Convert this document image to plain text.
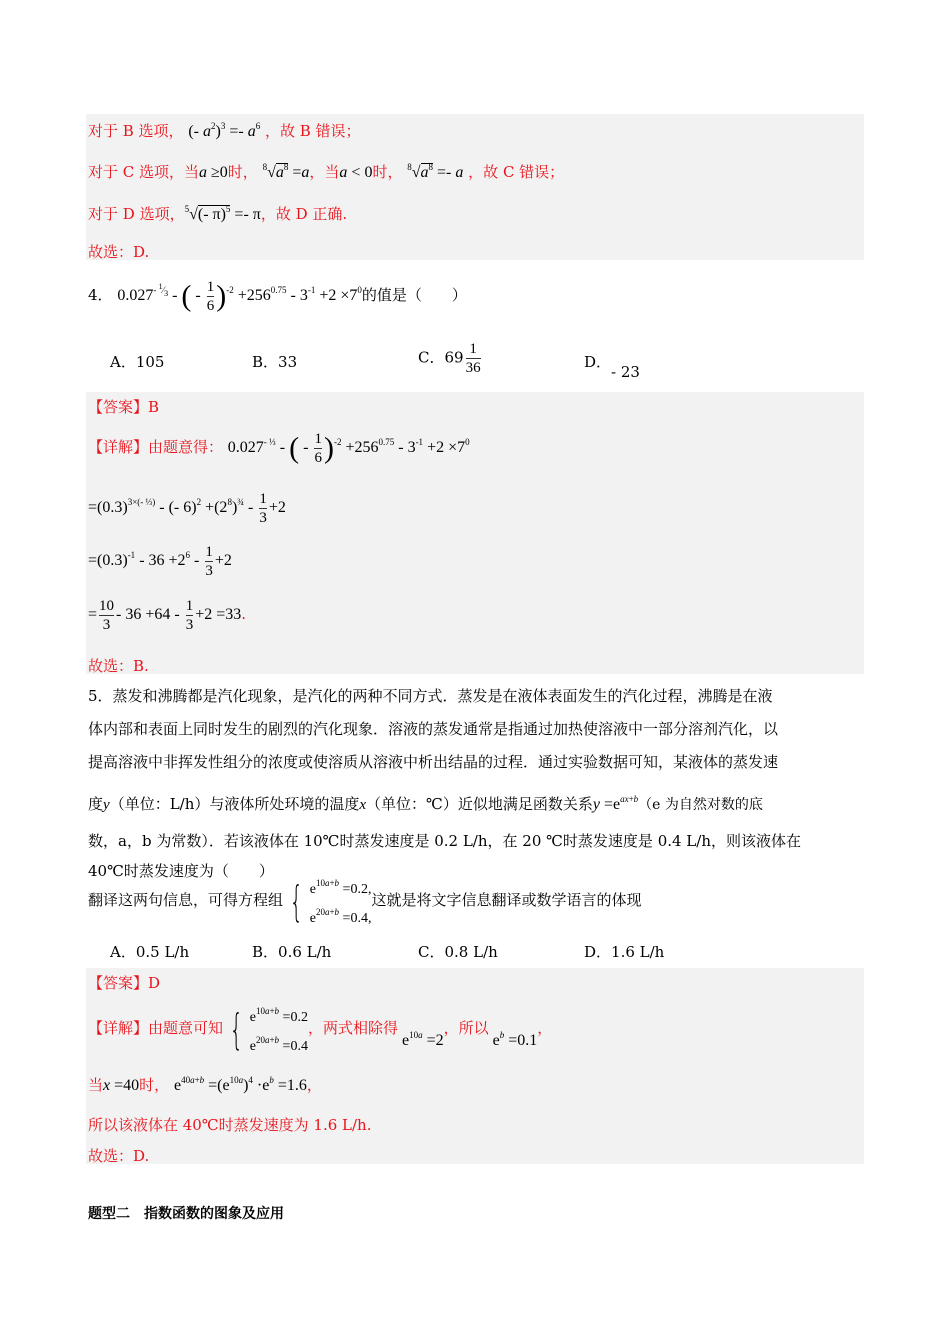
对于 B 选项， (- $a^2)^3 =- a^6$ ，故 B 错误；
对于 C 选项，当a ≥0时， $^8√a^8 =a$，当a < 0时， $^8√a^8 =- a$ ，故 C 错误；
对于 D 选项，$^5$√(- π)$^5$ =- π，故 D 正确.
故选：D.
4． $0.027^{- ^1⁄_3}$ - ( - $\frac{1}{6} )^{-2} +256^{0.75} - 3^{-1} +2 \times 7^0$的值是（　　）
A．105	B．33	C．$69 \frac{1}{36}$	D．- 23
【答案】B
【详解】由题意得： $0.027^{- \frac{1}{3}}$ - ( - $\frac{1}{6} )^{-2} +256^{0.75} - 3^{-1} +2 \times 7^0$
$=(0.3)^{3\times(- \frac{1}{3})}$ - (- $6)^2 +(2^8)^{\frac{3}{4}} - \frac{1}{3} +2$
$=(0.3)^{-1} - 36 +2^6 - \frac{1}{3} +2$
= $\frac{10}{3} - 36 +64 - \frac{1}{3} +2 =33$.
故选：B.
5．蒸发和沸腾都是汽化现象，是汽化的两种不同方式．蒸发是在液体表面发生的汽化过程，沸腾是在液
体内部和表面上同时发生的剧烈的汽化现象．溶液的蒸发通常是指通过加热使溶液中一部分溶剂汽化，以
提高溶液中非挥发性组分的浓度或使溶质从溶液中析出结晶的过程．通过实验数据可知，某液体的蒸发速
度y（单位：L/h）与液体所处环境的温度x（单位：℃）近似地满足函数关系$y =e^{ax+b}(e$ 为自然对数的底
数，a，b 为常数）．若该液体在 10℃时蒸发速度是 0.2 L/h，在 20 ℃时蒸发速度是 0.4 L/h，则该液体在
40℃时蒸发速度为（　　）
翻译这两句信息，可得方程组 { $e^{10a+b} =0.2$,
$e^{20a+b} =0.4$,
这就是将文字信息翻译或数学语言的体现
A．0.5 L/h	B．0.6 L/h	C．0.8 L/h	D．1.6 L/h
【答案】D
【详解】由题意可知 { $e^{10a+b} =0.2$
$e^{20a+b} =0.4$
，两式相除得 $e^{10a} =2$，所以 $e^b =0.1$，
当x =40时， $e^{40a+b} =(e^{10a})^4 \cdot e^b =1.6$，
所以该液体在 40℃时蒸发速度为 1.6 L/h.
故选：D.
题型二　指数函数的图象及应用
